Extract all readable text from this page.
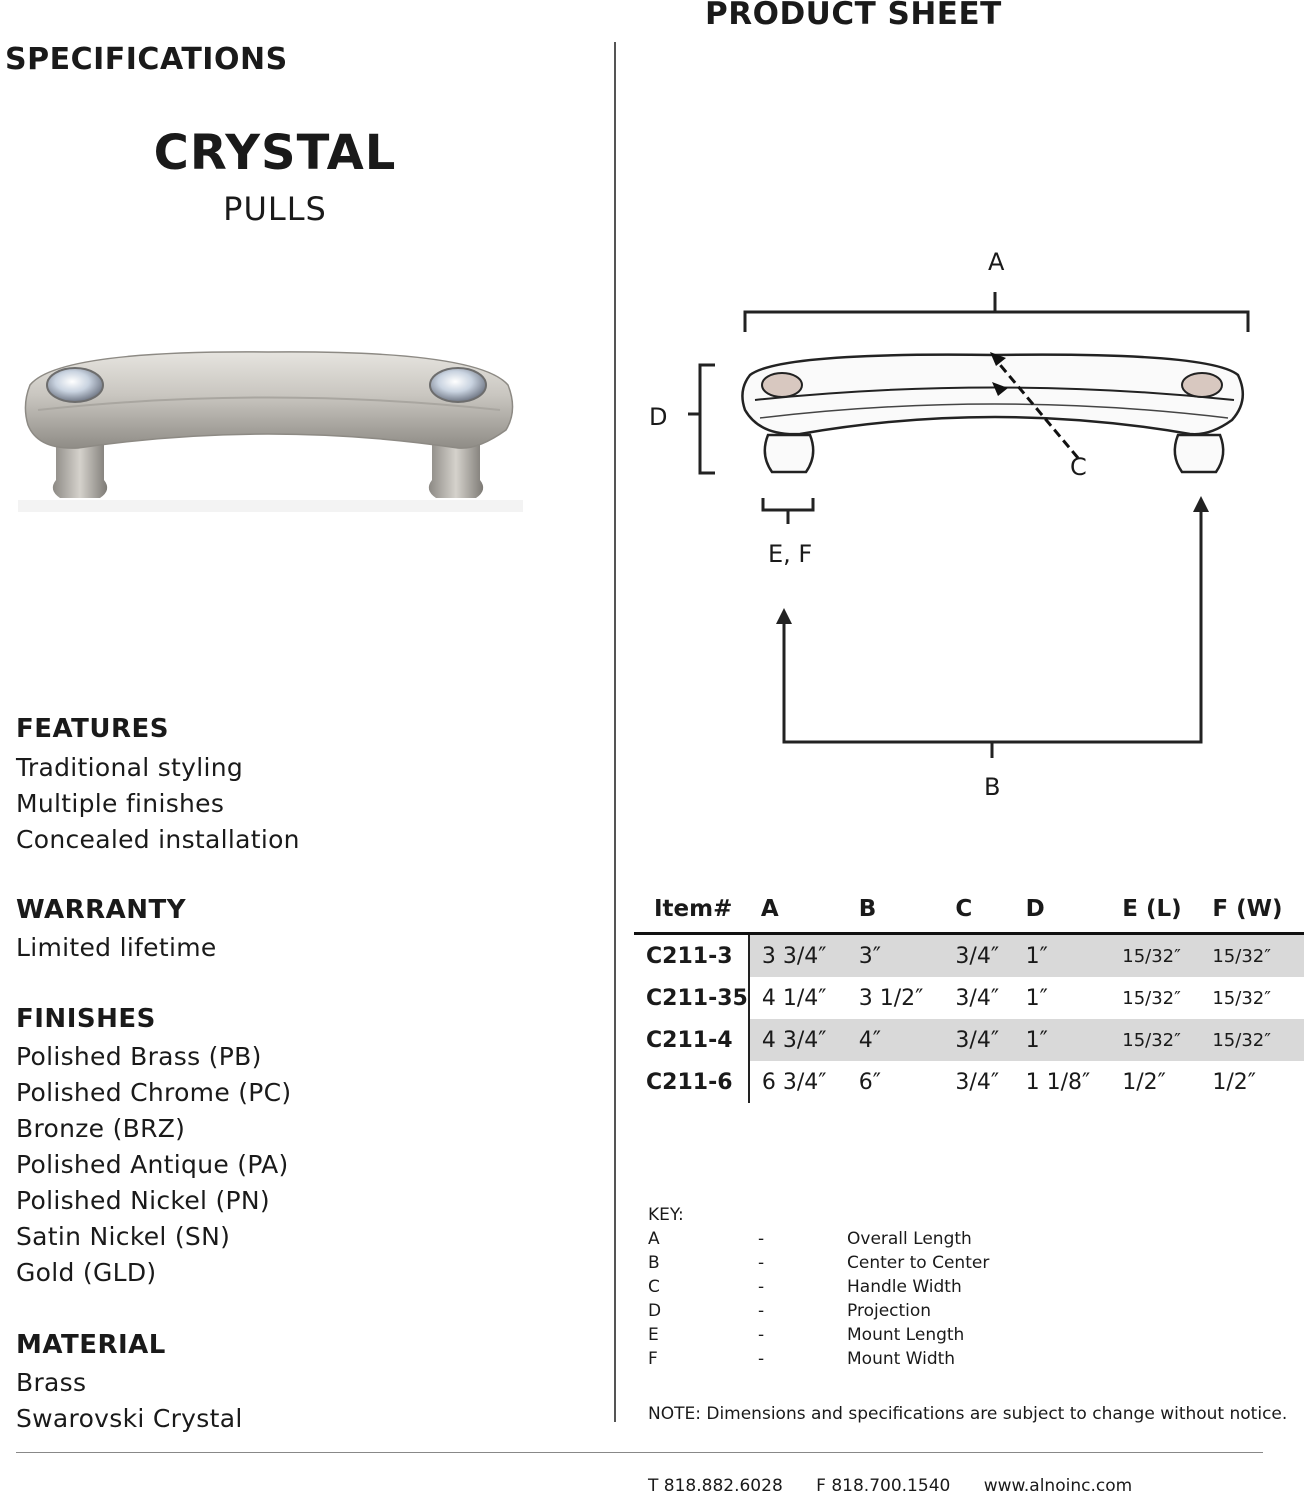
PRODUCT SHEET
SPECIFICATIONS
CRYSTAL
PULLS
FEATURES
Traditional styling
Multiple finishes
Concealed installation
WARRANTY
Limited lifetime
FINISHES
Polished Brass (PB)
Polished Chrome (PC)
Bronze (BRZ)
Polished Antique (PA)
Polished Nickel (PN)
Satin Nickel (SN)
Gold (GLD)
MATERIAL
Brass
Swarovski Crystal
A
D
C
E, F
B
Item#	A	B	C	D	E (L)	F (W)
C211-3	3 3/4″	3″	3/4″	1″	15/32″	15/32″
C211-35	4 1/4″	3 1/2″	3/4″	1″	15/32″	15/32″
C211-4	4 3/4″	4″	3/4″	1″	15/32″	15/32″
C211-6	6 3/4″	6″	3/4″	1 1/8″	1/2″	1/2″
KEY:
A	-	Overall Length
B	-	Center to Center
C	-	Handle Width
D	-	Projection
E	-	Mount Length
F	-	Mount Width
NOTE: Dimensions and specifications are subject to change without notice.
T 818.882.6028 F 818.700.1540 www.alnoinc.com
